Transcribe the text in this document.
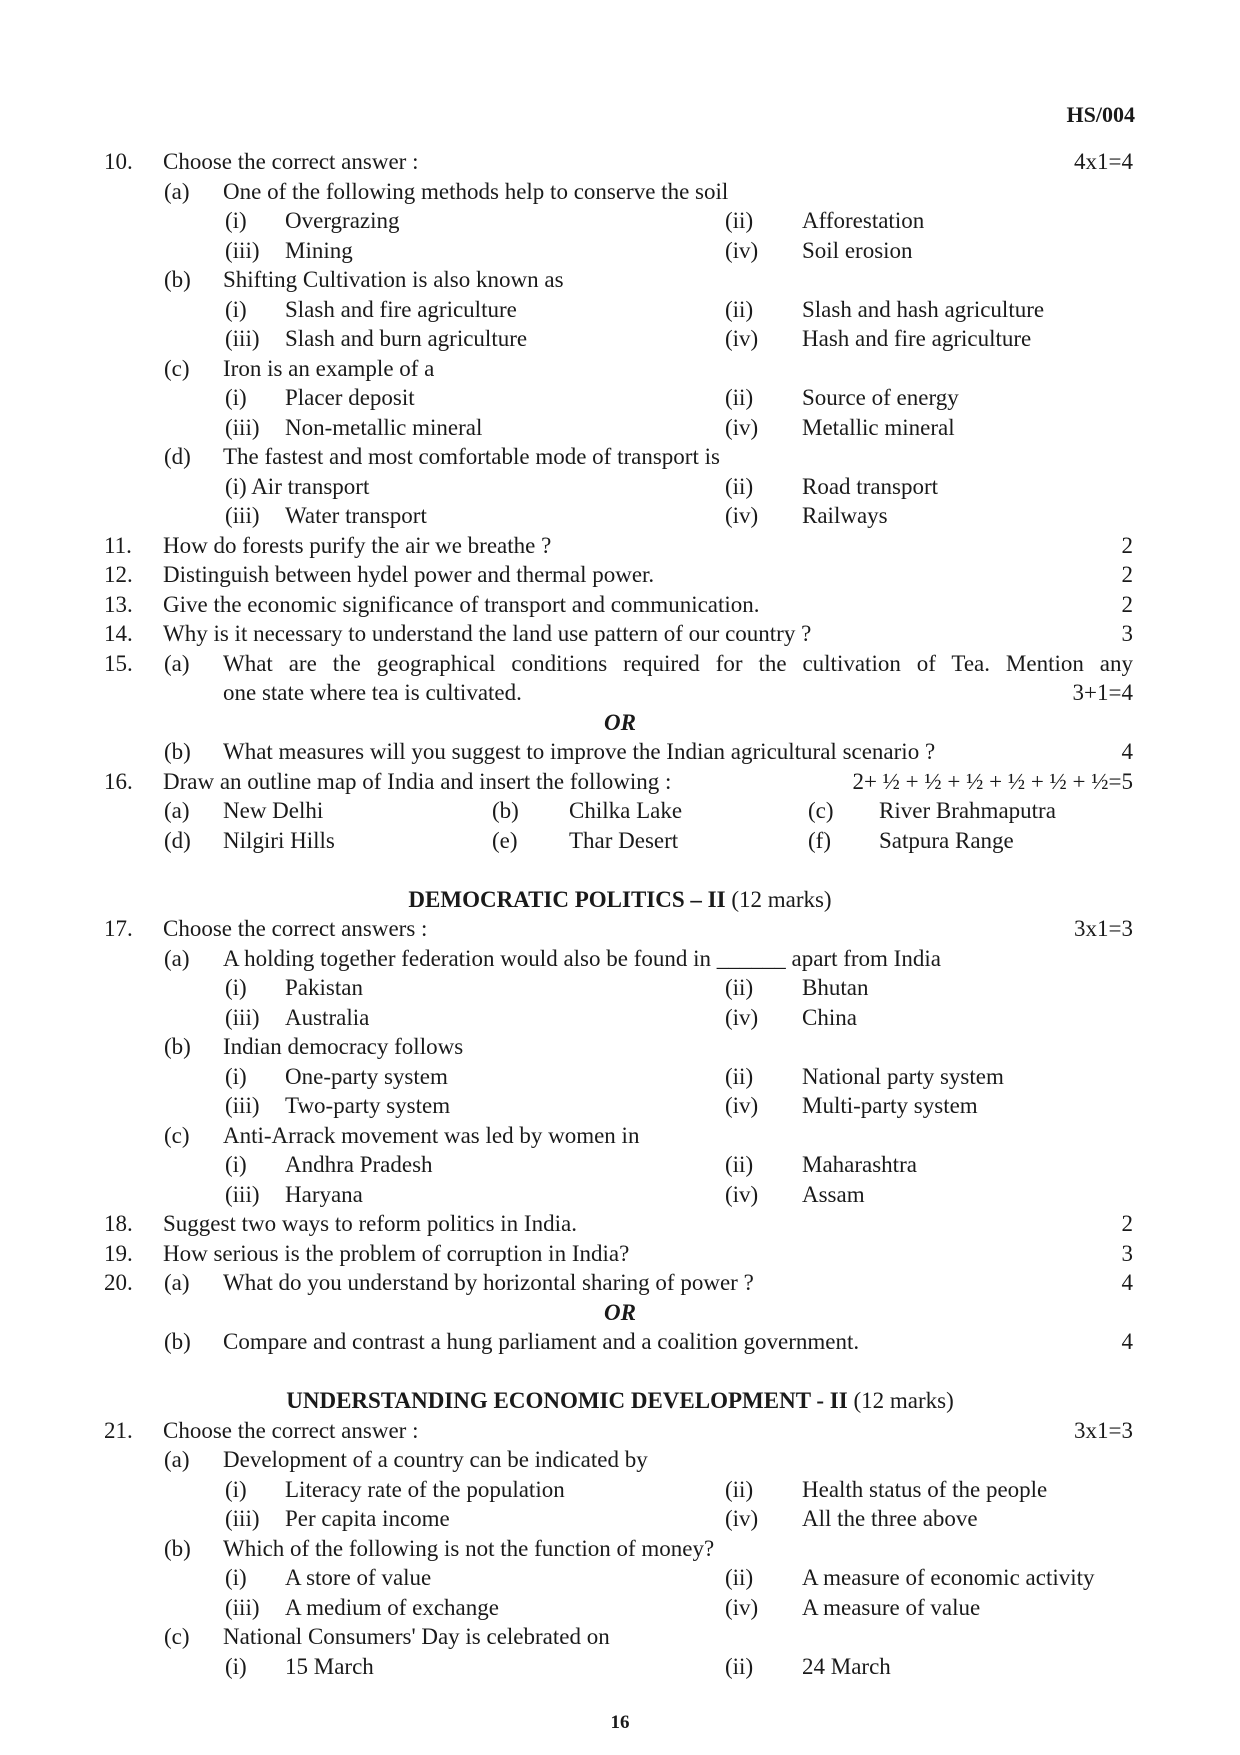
HS/004
10. Choose the correct answer :	4x1=4
(a) One of the following methods help to conserve the soil
(i) Overgrazing	(ii) Afforestation
(iii) Mining	(iv) Soil erosion
(b) Shifting Cultivation is also known as
(i) Slash and fire agriculture	(ii) Slash and hash agriculture
(iii) Slash and burn agriculture	(iv) Hash and fire agriculture
(c) Iron is an example of a
(i) Placer deposit	(ii) Source of energy
(iii) Non-metallic mineral	(iv) Metallic mineral
(d) The fastest and most comfortable mode of transport is
(i) Air transport	(ii) Road transport
(iii) Water transport	(iv) Railways
11. How do forests purify the air we breathe ?	2
12. Distinguish between hydel power and thermal power.	2
13. Give the economic significance of transport and communication.	2
14. Why is it necessary to understand the land use pattern of our country ?	3
15. (a) What are the geographical conditions required for the cultivation of Tea. Mention any
one state where tea is cultivated.	3+1=4
OR
(b) What measures will you suggest to improve the Indian agricultural scenario ?	4
16. Draw an outline map of India and insert the following :	2+ ½ + ½ + ½ + ½ + ½ + ½=5
(a) New Delhi	(b) Chilka Lake	(c) River Brahmaputra
(d) Nilgiri Hills	(e) Thar Desert	(f) Satpura Range
DEMOCRATIC POLITICS – II (12 marks)
17. Choose the correct answers :	3x1=3
(a) A holding together federation would also be found in ______ apart from India
(i) Pakistan	(ii) Bhutan
(iii) Australia	(iv) China
(b) Indian democracy follows
(i) One-party system	(ii) National party system
(iii) Two-party system	(iv) Multi-party system
(c) Anti-Arrack movement was led by women in
(i) Andhra Pradesh	(ii) Maharashtra
(iii) Haryana	(iv) Assam
18. Suggest two ways to reform politics in India.	2
19. How serious is the problem of corruption in India?	3
20. (a) What do you understand by horizontal sharing of power ?	4
OR
(b) Compare and contrast a hung parliament and a coalition government.	4
UNDERSTANDING ECONOMIC DEVELOPMENT - II (12 marks)
21. Choose the correct answer :	3x1=3
(a) Development of a country can be indicated by
(i) Literacy rate of the population	(ii) Health status of the people
(iii) Per capita income	(iv) All the three above
(b) Which of the following is not the function of money?
(i) A store of value	(ii) A measure of economic activity
(iii) A medium of exchange	(iv) A measure of value
(c) National Consumers' Day is celebrated on
(i) 15 March	(ii) 24 March
16
